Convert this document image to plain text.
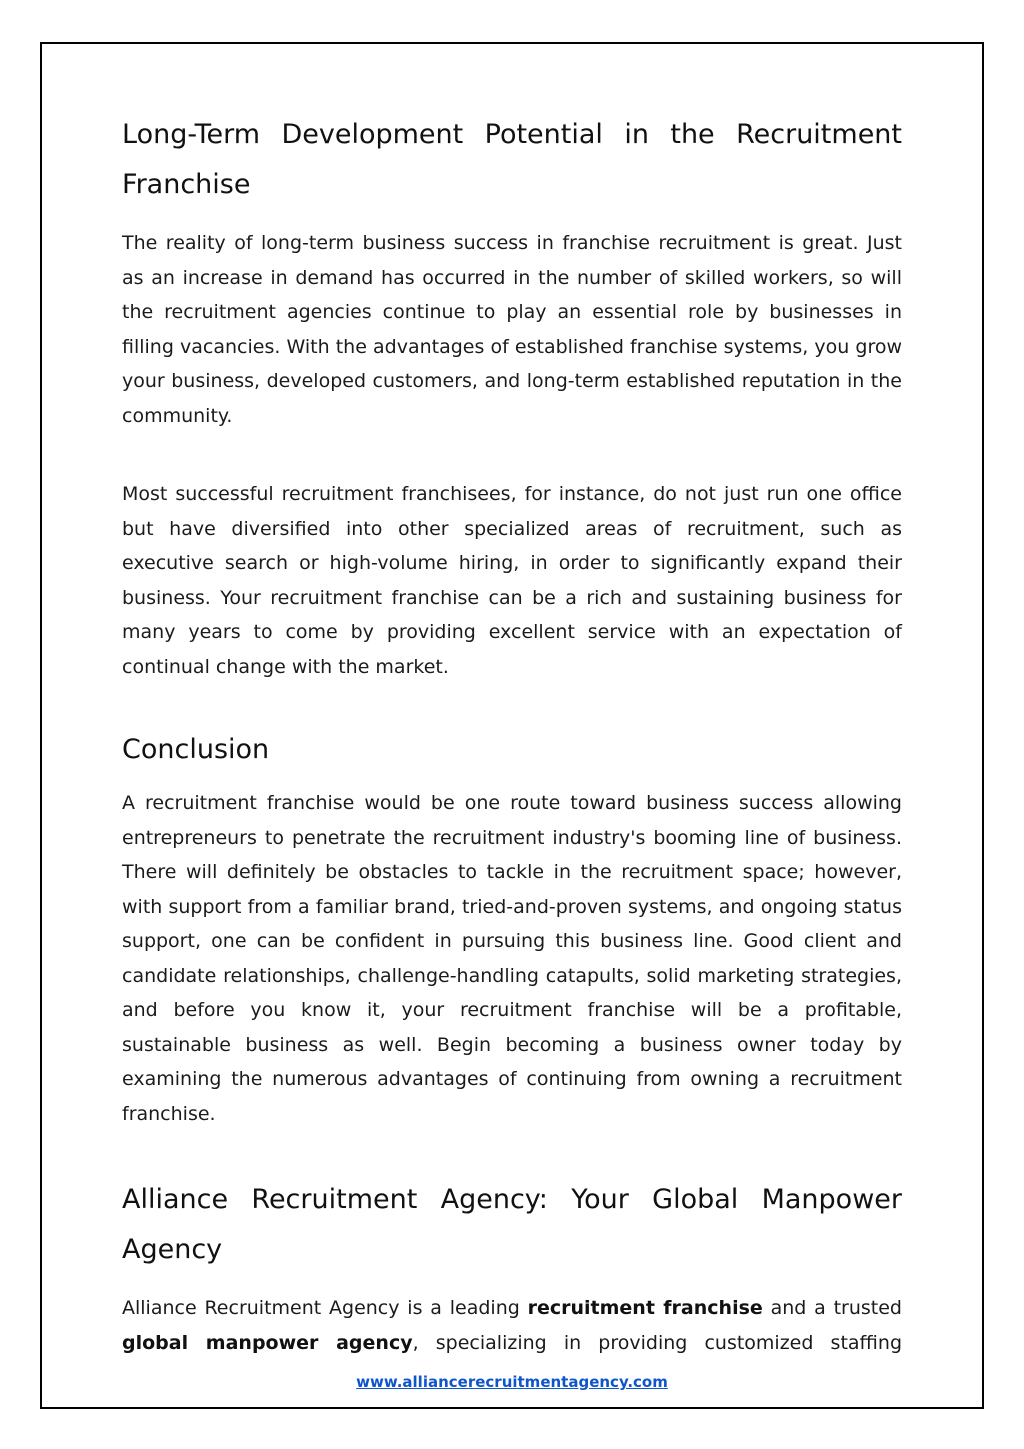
Long-Term Development Potential in the Recruitment Franchise

The reality of long-term business success in franchise recruitment is great. Just as an increase in demand has occurred in the number of skilled workers, so will the recruitment agencies continue to play an essential role by businesses in filling vacancies. With the advantages of established franchise systems, you grow your business, developed customers, and long-term established reputation in the community.

Most successful recruitment franchisees, for instance, do not just run one office but have diversified into other specialized areas of recruitment, such as executive search or high-volume hiring, in order to significantly expand their business. Your recruitment franchise can be a rich and sustaining business for many years to come by providing excellent service with an expectation of continual change with the market.

Conclusion

A recruitment franchise would be one route toward business success allowing entrepreneurs to penetrate the recruitment industry's booming line of business. There will definitely be obstacles to tackle in the recruitment space; however, with support from a familiar brand, tried-and-proven systems, and ongoing status support, one can be confident in pursuing this business line. Good client and candidate relationships, challenge-handling catapults, solid marketing strategies, and before you know it, your recruitment franchise will be a profitable, sustainable business as well. Begin becoming a business owner today by examining the numerous advantages of continuing from owning a recruitment franchise.

Alliance Recruitment Agency: Your Global Manpower Agency

Alliance Recruitment Agency is a leading recruitment franchise and a trusted global manpower agency, specializing in providing customized staffing

www.alliancerecruitmentagency.com
